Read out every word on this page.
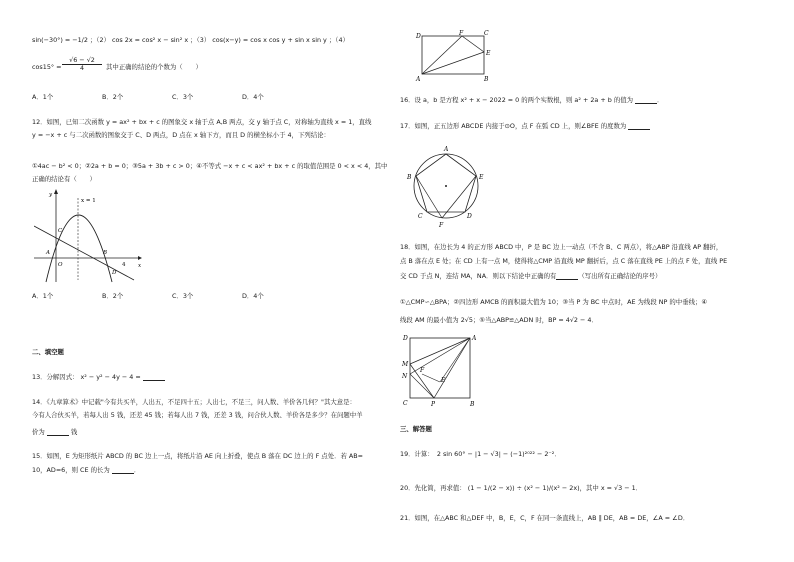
sin(−30°) = −1/2 ；（2） cos 2x = cos² x − sin² x ；（3） cos(x−y) = cos x cos y + sin x sin y ；（4）
cos15° =
√6 − √2
4	其中正确的结论的个数为（　　）
A．1个	B．2个	C．3个	D．4个
12．如图，已知二次函数 y = ax² + bx + c 的图象交 x 轴于点 A,B 两点，交 y 轴于点 C，对称轴为直线 x = 1，直线
y = −x + c 与二次函数的图象交于 C、D 两点，D 点在 x 轴下方，而且 D 的横坐标小于 4，下列结论：
①4ac − b² < 0；②2a + b = 0；③5a + 3b + c > 0；④不等式 −x + c < ax² + bx + c 的取值范围是 0 < x < 4，其中
正确的结论有（　　）
x = 1
y
x
O
A	B
C
D
4
A．1个	B．2个	C．3个	D．4个
二、填空题
13．分解因式： x² − y² − 4y − 4 =
14．《九章算术》中记载"今有共买羊，人出五，不足四十五；人出七，不足三，问人数、羊价各几何？"其大意是：
今有人合伙买羊，若每人出 5 钱，还差 45 钱；若每人出 7 钱，还差 3 钱，问合伙人数、羊价各是多少？在问题中羊
价为	钱
15．如图，E 为矩形纸片 ABCD 的 BC 边上一点，将纸片沿 AE 向上折叠，使点 B 落在 DC 边上的 F 点处．若 AB=
10，AD=6，则 CE 的长为	．
D	F	C
E
A	B
16．设 a，b 是方程 x² + x − 2022 = 0 的两个实数根，则 a² + 2a + b 的值为	．
17．如图，正五边形 ABCDE 内接于⊙O，点 F 在弧 CD 上，则∠BFE 的度数为
A
B
C	D
E
F
18．如图，在边长为 4 的正方形 ABCD 中，P 是 BC 边上一动点（不含 B、C 两点），将△ABP 沿直线 AP 翻折，
点 B 落在点 E 处；在 CD 上有一点 M，使得将△CMP 沿直线 MP 翻折后，点 C 落在直线 PE 上的点 F 处，直线 PE
交 CD 于点 N，连结 MA，NA．则以下结论中正确的有	（写出所有正确结论的序号）
①△CMP∽△BPA；②四边形 AMCB 的面积最大值为 10；③当 P 为 BC 中点时，AE 为线段 NP 的中垂线；④
线段 AM 的最小值为 2√5；⑤当△ABP≌△ADN 时，BP = 4√2 − 4．
D	A
M
N
F
E
C	P	B
三、解答题
19．计算：　2 sin 60° − |1 − √3| − (−1)²⁰²² − 2⁻²．
20．先化简，再求值： (1 − 1/(2 − x)) ÷ (x² − 1)/(x² − 2x)，其中 x = √3 − 1．
21．如图，在△ABC 和△DEF 中，B，E，C，F 在同一条直线上，AB ∥ DE，AB = DE，∠A = ∠D．
